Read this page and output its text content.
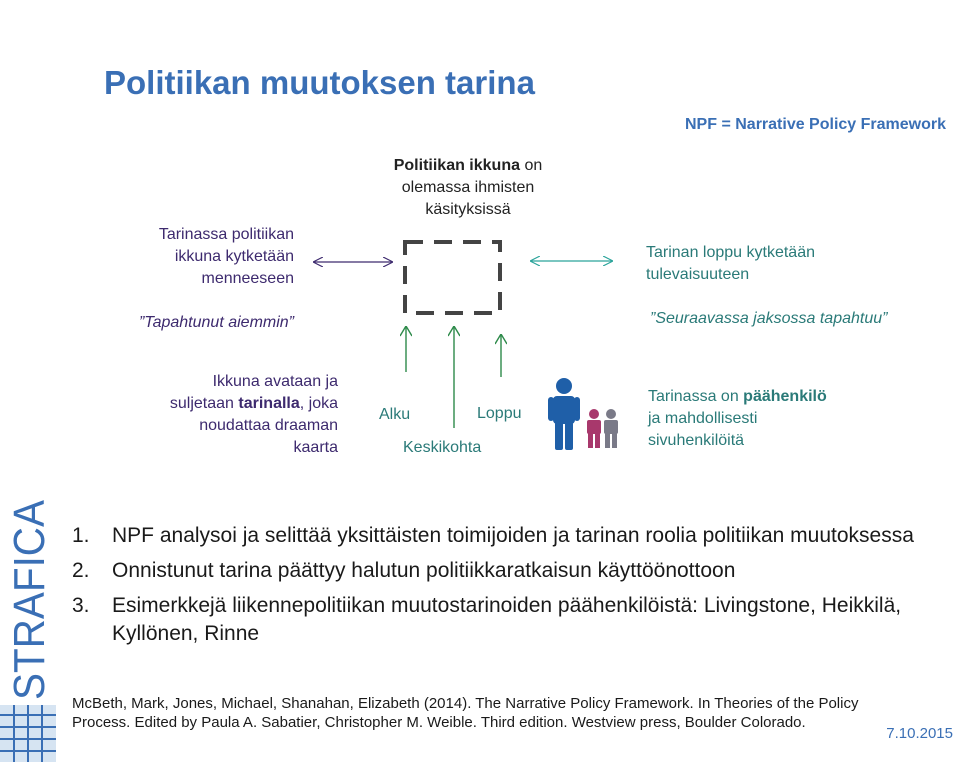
Politiikan muutoksen tarina
NPF = Narrative Policy Framework
Politiikan ikkuna on
olemassa ihmisten
käsityksissä
Tarinassa politiikan
ikkuna kytketään
menneeseen
”Tapahtunut aiemmin”
Tarinan loppu kytketään
tulevaisuuteen
”Seuraavassa jaksossa tapahtuu”
Ikkuna avataan ja
suljetaan tarinalla, joka
noudattaa draaman
kaarta
Alku
Keskikohta
Loppu
Tarinassa on päähenkilö
ja mahdollisesti
sivuhenkilöitä
1.	NPF analysoi ja selittää yksittäisten toimijoiden ja tarinan roolia politiikan muutoksessa
2.	Onnistunut tarina päättyy halutun politiikkaratkaisun käyttöönottoon
3.	Esimerkkejä liikennepolitiikan muutostarinoiden päähenkilöistä: Livingstone, Heikkilä, Kyllönen, Rinne
McBeth, Mark, Jones, Michael, Shanahan, Elizabeth (2014). The Narrative Policy Framework. In Theories of the Policy Process. Edited by Paula A. Sabatier, Christopher M. Weible. Third edition. Westview press, Boulder Colorado.
7.10.2015
STRAFICA
